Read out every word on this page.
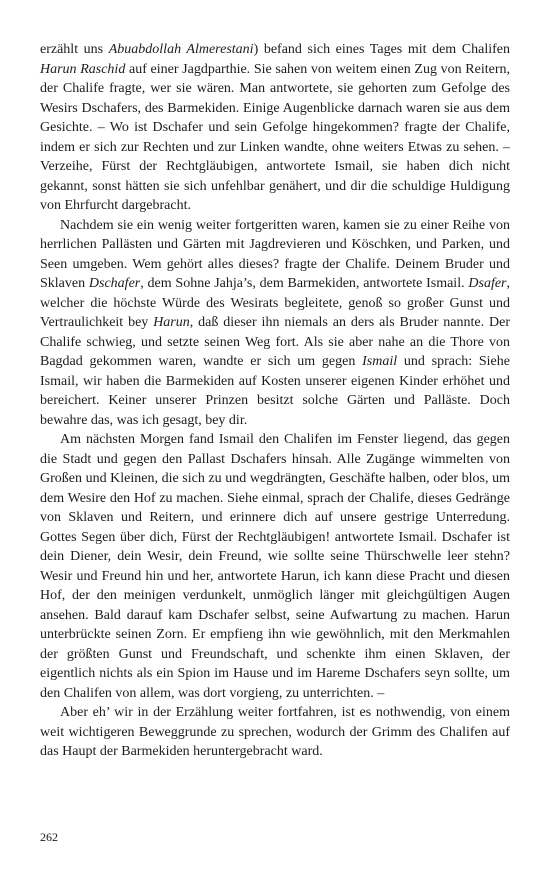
erzählt uns Abuabdollah Almerestani) befand sich eines Tages mit dem Chalifen Harun Raschid auf einer Jagdparthie. Sie sahen von weitem einen Zug von Reitern, der Chalife fragte, wer sie wären. Man antwortete, sie gehorten zum Gefolge des Wesirs Dschafers, des Barmekiden. Einige Augenblicke darnach waren sie aus dem Gesichte. – Wo ist Dschafer und sein Gefolge hingekommen? fragte der Chalife, indem er sich zur Rechten und zur Linken wandte, ohne weiters Etwas zu sehen. – Verzeihe, Fürst der Rechtgläubigen, antwortete Ismail, sie haben dich nicht gekannt, sonst hätten sie sich unfehlbar genähert, und dir die schuldige Huldigung von Ehrfurcht dargebracht.

Nachdem sie ein wenig weiter fortgeritten waren, kamen sie zu einer Reihe von herrlichen Pallästen und Gärten mit Jagdrevieren und Köschken, und Parken, und Seen umgeben. Wem gehört alles dieses? fragte der Chalife. Deinem Bruder und Sklaven Dschafer, dem Sohne Jahja’s, dem Barmekiden, antwortete Ismail. Dsafer, welcher die höchste Würde des Wesirats begleitete, genoß so großer Gunst und Vertraulichkeit bey Harun, daß dieser ihn niemals an ders als Bruder nannte. Der Chalife schwieg, und setzte seinen Weg fort. Als sie aber nahe an die Thore von Bagdad gekommen waren, wandte er sich um gegen Ismail und sprach: Siehe Ismail, wir haben die Barmekiden auf Kosten unserer eigenen Kinder erhöhet und bereichert. Keiner unserer Prinzen besitzt solche Gärten und Palläste. Doch bewahre das, was ich gesagt, bey dir.

Am nächsten Morgen fand Ismail den Chalifen im Fenster liegend, das gegen die Stadt und gegen den Pallast Dschafers hinsah. Alle Zugänge wimmelten von Großen und Kleinen, die sich zu und wegdrängten, Geschäfte halben, oder blos, um dem Wesire den Hof zu machen. Siehe einmal, sprach der Chalife, dieses Gedränge von Sklaven und Reitern, und erinnere dich auf unsere gestrige Unterredung. Gottes Segen über dich, Fürst der Rechtgläubigen! antwortete Ismail. Dschafer ist dein Diener, dein Wesir, dein Freund, wie sollte seine Thürschwelle leer stehn? Wesir und Freund hin und her, antwortete Harun, ich kann diese Pracht und diesen Hof, der den meinigen verdunkelt, unmöglich länger mit gleichgültigen Augen ansehen. Bald darauf kam Dschafer selbst, seine Aufwartung zu machen. Harun unterbrückte seinen Zorn. Er empfieng ihn wie gewöhnlich, mit den Merkmahlen der größten Gunst und Freundschaft, und schenkte ihm einen Sklaven, der eigentlich nichts als ein Spion im Hause und im Hareme Dschafers seyn sollte, um den Chalifen von allem, was dort vorgieng, zu unterrichten. –

Aber eh’ wir in der Erzählung weiter fortfahren, ist es nothwendig, von einem weit wichtigeren Beweggrunde zu sprechen, wodurch der Grimm des Chalifen auf das Haupt der Barmekiden heruntergebracht ward.

262
